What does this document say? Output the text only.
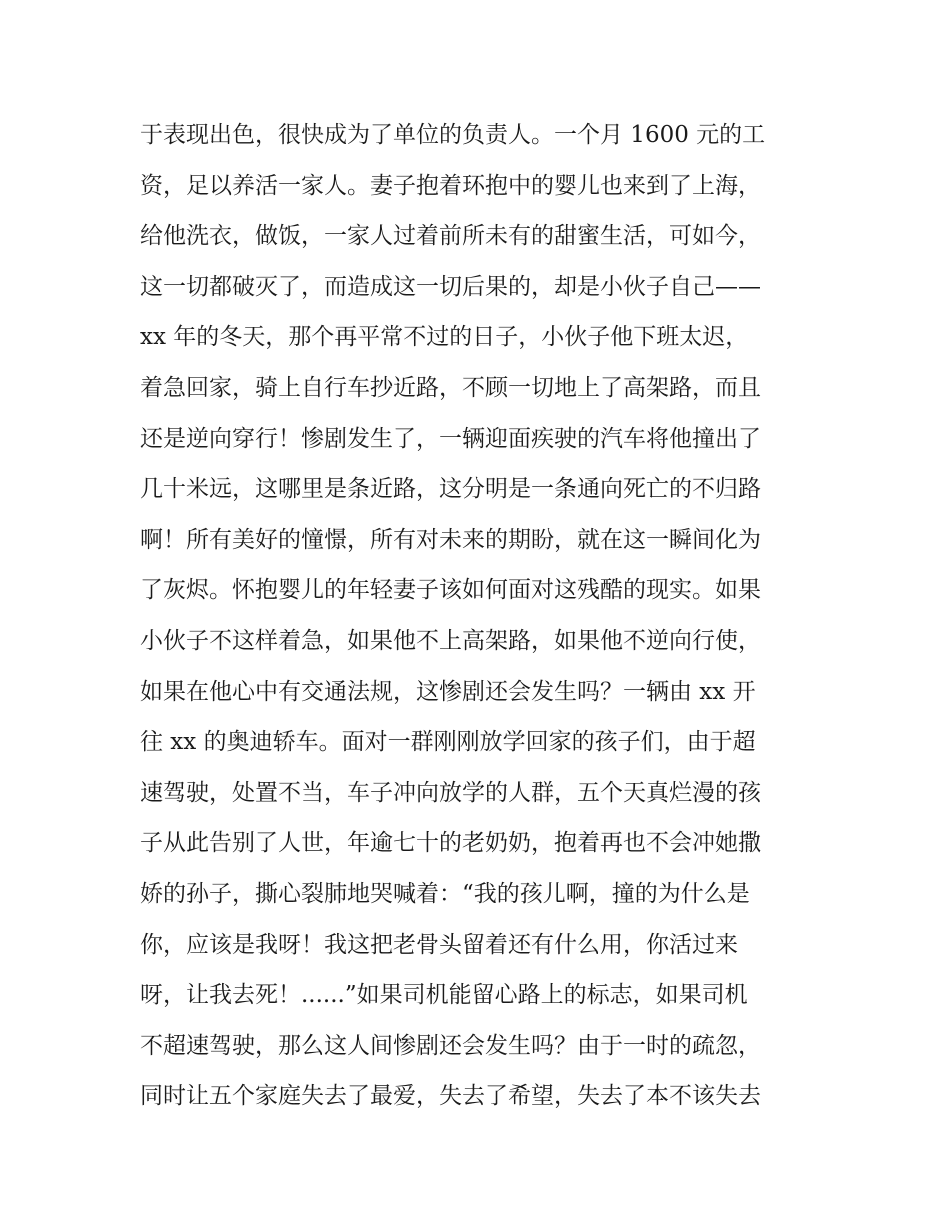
于表现出色，很快成为了单位的负责人。一个月 1600 元的工
资，足以养活一家人。妻子抱着环抱中的婴儿也来到了上海，
给他洗衣，做饭，一家人过着前所未有的甜蜜生活，可如今，
这一切都破灭了，而造成这一切后果的，却是小伙子自己——
xx 年的冬天，那个再平常不过的日子，小伙子他下班太迟，
着急回家，骑上自行车抄近路，不顾一切地上了高架路，而且
还是逆向穿行！惨剧发生了，一辆迎面疾驶的汽车将他撞出了
几十米远，这哪里是条近路，这分明是一条通向死亡的不归路
啊！所有美好的憧憬，所有对未来的期盼，就在这一瞬间化为
了灰烬。怀抱婴儿的年轻妻子该如何面对这残酷的现实。如果
小伙子不这样着急，如果他不上高架路，如果他不逆向行使，
如果在他心中有交通法规，这惨剧还会发生吗？一辆由 xx 开
往 xx 的奥迪轿车。面对一群刚刚放学回家的孩子们，由于超
速驾驶，处置不当，车子冲向放学的人群，五个天真烂漫的孩
子从此告别了人世，年逾七十的老奶奶，抱着再也不会冲她撒
娇的孙子，撕心裂肺地哭喊着：“我的孩儿啊，撞的为什么是
你，应该是我呀！我这把老骨头留着还有什么用，你活过来
呀，让我去死！......”如果司机能留心路上的标志，如果司机
不超速驾驶，那么这人间惨剧还会发生吗？由于一时的疏忽，
同时让五个家庭失去了最爱，失去了希望，失去了本不该失去
